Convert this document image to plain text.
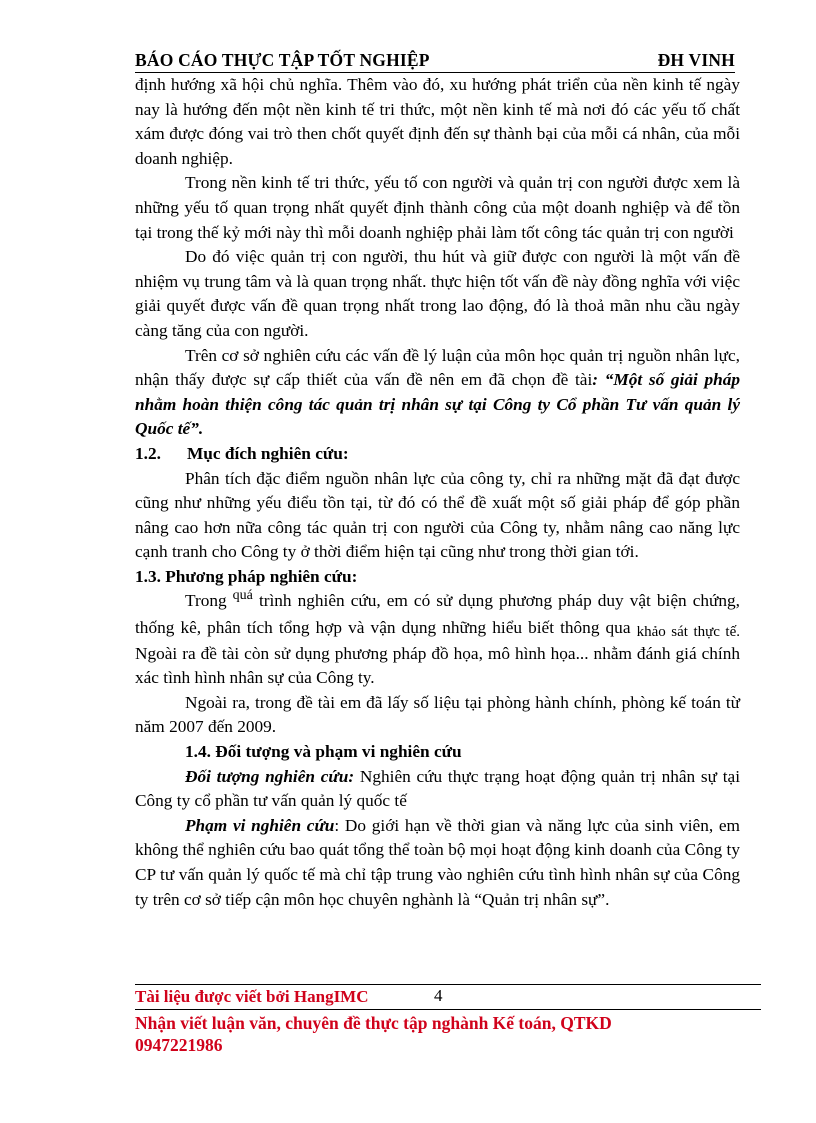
BÁO CÁO THỰC TẬP TỐT NGHIỆP	ĐH VINH

định hướng xã hội chủ nghĩa. Thêm vào đó, xu hướng phát triển của nền kinh tế ngày nay là hướng đến một nền kinh tế tri thức, một nền kinh tế mà nơi đó các yếu tố chất xám được đóng vai trò then chốt quyết định đến sự thành bại của mỗi cá nhân, của mỗi doanh nghiệp.

Trong nền kinh tế tri thức, yếu tố con người và quản trị con người được xem là những yếu tố quan trọng nhất quyết định thành công của một doanh nghiệp và để tồn tại trong thế kỷ mới này thì mỗi doanh nghiệp phải làm tốt công tác quản trị con người

Do đó việc quản trị con người, thu hút và giữ được con người là một vấn đề nhiệm vụ trung tâm và là quan trọng nhất. thực hiện tốt vấn đề này đồng nghĩa với việc giải quyết được vấn đề quan trọng nhất trong lao động, đó là thoả mãn nhu cầu ngày càng tăng của con người.

Trên cơ sở nghiên cứu các vấn đề lý luận của môn học quản trị nguồn nhân lực, nhận thấy được sự cấp thiết của vấn đề nên em đã chọn đề tài: “Một số giải pháp nhằm hoàn thiện công tác quản trị nhân sự tại Công ty Cổ phần Tư vấn quản lý Quốc tế”.

1.2.	Mục đích nghiên cứu:

Phân tích đặc điểm nguồn nhân lực của công ty, chỉ ra những mặt đã đạt được cũng như những yếu điểu tồn tại, từ đó có thể đề xuất một số giải pháp để góp phần nâng cao hơn nữa công tác quản trị con người của Công ty, nhằm nâng cao năng lực cạnh tranh cho Công ty ở thời điểm hiện tại cũng như trong thời gian tới.

1.3. Phương pháp nghiên cứu:

Trong $^{quá}$ trình nghiên cứu, em có sử dụng phương pháp duy vật biện chứng, thống kê, phân tích tổng hợp và vận dụng những hiểu biết thông qua khảo sát thực tế. Ngoài ra đề tài còn sử dụng phương pháp đồ họa, mô hình họa... nhằm đánh giá chính xác tình hình nhân sự của Công ty.

Ngoài ra, trong đề tài em đã lấy số liệu tại phòng hành chính, phòng kế toán từ năm 2007 đến 2009.

1.4. Đối tượng và phạm vi nghiên cứu

Đối tượng nghiên cứu: Nghiên cứu thực trạng hoạt động quản trị nhân sự tại Công ty cổ phần tư vấn quản lý quốc tế

Phạm vi nghiên cứu: Do giới hạn về thời gian và năng lực của sinh viên, em không thể nghiên cứu bao quát tổng thể toàn bộ mọi hoạt động kinh doanh của Công ty CP tư vấn quản lý quốc tế mà chỉ tập trung vào nghiên cứu tình hình nhân sự của Công ty trên cơ sở tiếp cận môn học chuyên nghành là “Quản trị nhân sự”.

Tài liệu được viết bởi HangIMC	4
Nhận viết luận văn, chuyên đề thực tập nghành Kế toán, QTKD
0947221986
